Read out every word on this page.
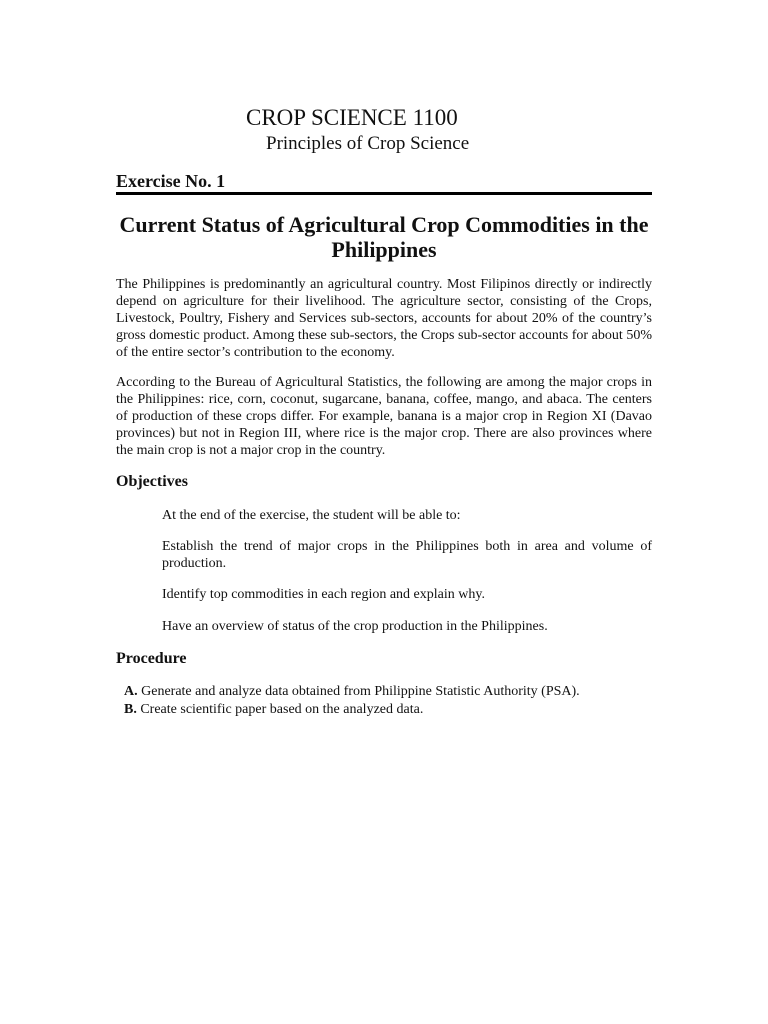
CROP SCIENCE 1100
Principles of Crop Science
Exercise No. 1
Current Status of Agricultural Crop Commodities in the Philippines

The Philippines is predominantly an agricultural country. Most Filipinos directly or indirectly depend on agriculture for their livelihood. The agriculture sector, consisting of the Crops, Livestock, Poultry, Fishery and Services sub-sectors, accounts for about 20% of the country’s gross domestic product. Among these sub-sectors, the Crops sub-sector accounts for about 50% of the entire sector’s contribution to the economy.

According to the Bureau of Agricultural Statistics, the following are among the major crops in the Philippines: rice, corn, coconut, sugarcane, banana, coffee, mango, and abaca. The centers of production of these crops differ. For example, banana is a major crop in Region XI (Davao provinces) but not in Region III, where rice is the major crop. There are also provinces where the main crop is not a major crop in the country.

Objectives
At the end of the exercise, the student will be able to:
Establish the trend of major crops in the Philippines both in area and volume of production.
Identify top commodities in each region and explain why.
Have an overview of status of the crop production in the Philippines.
Procedure
A. Generate and analyze data obtained from Philippine Statistic Authority (PSA).
B. Create scientific paper based on the analyzed data.
